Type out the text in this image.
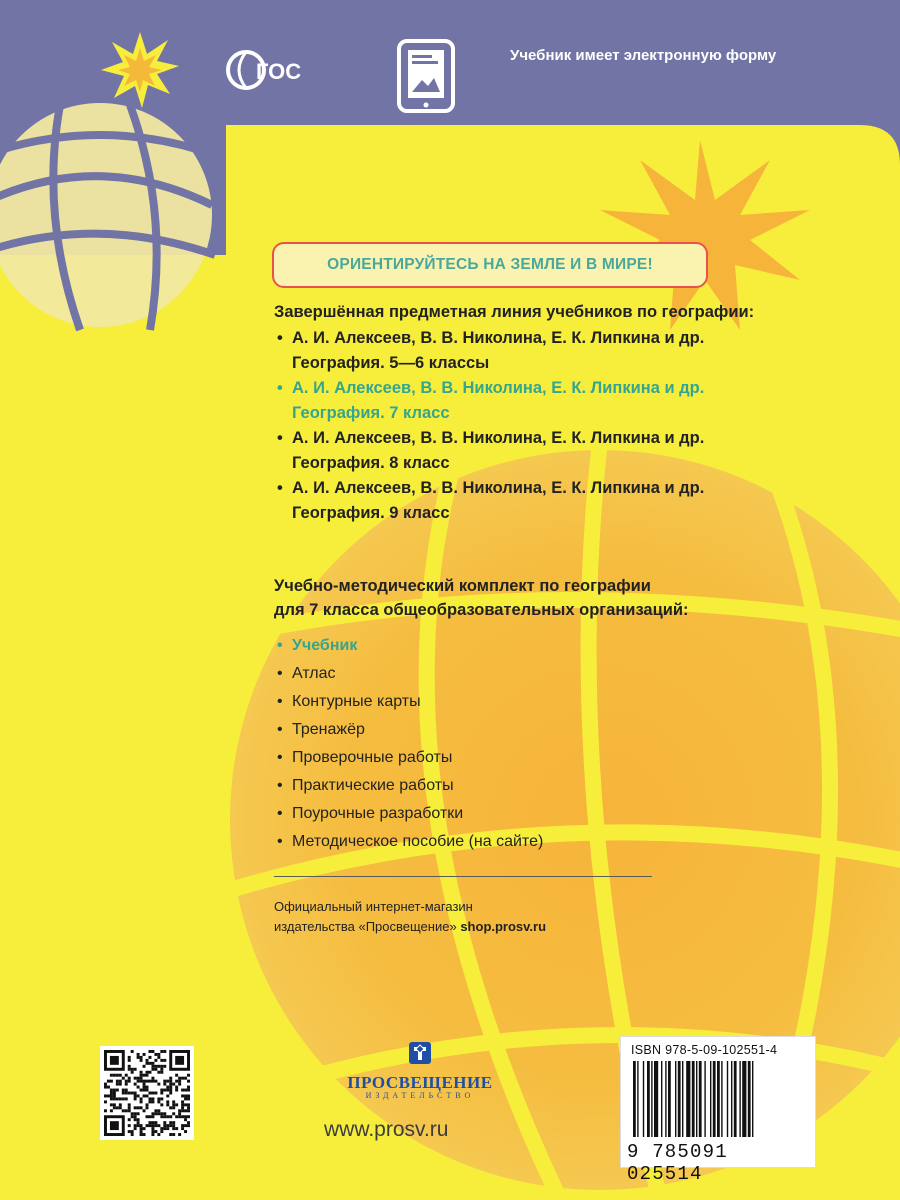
ГОС
Учебник имеет электронную форму
ОРИЕНТИРУЙТЕСЬ НА ЗЕМЛЕ И В МИРЕ!

Завершённая предметная линия учебников по географии:

• А. И. Алексеев, В. В. Николина, Е. К. Липкина и др.
География. 5—6 классы
• А. И. Алексеев, В. В. Николина, Е. К. Липкина и др.
География. 7 класс
• А. И. Алексеев, В. В. Николина, Е. К. Липкина и др.
География. 8 класс
• А. И. Алексеев, В. В. Николина, Е. К. Липкина и др.
География. 9 класс

Учебно-методический комплект по географии
для 7 класса общеобразовательных организаций:

• Учебник
• Атлас
• Контурные карты
• Тренажёр
• Проверочные работы
• Практические работы
• Поурочные разработки
• Методическое пособие (на сайте)
Официальный интернет-магазин
издательства «Просвещение» shop.prosv.ru
ПРОСВЕЩЕНИЕ
ИЗДАТЕЛЬСТВО
www.prosv.ru
ISBN 978-5-09-102551-4
9 785091 025514
